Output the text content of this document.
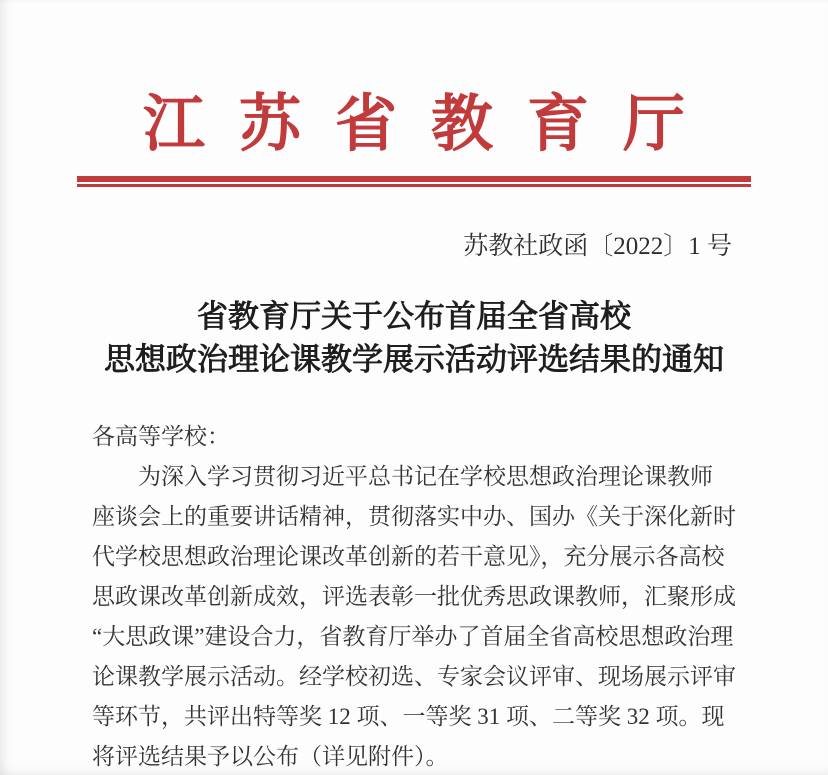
江苏省教育厅
苏教社政函〔2022〕1 号
省教育厅关于公布首届全省高校
思想政治理论课教学展示活动评选结果的通知
各高等学校：
为深入学习贯彻习近平总书记在学校思想政治理论课教师
座谈会上的重要讲话精神，贯彻落实中办、国办《关于深化新时
代学校思想政治理论课改革创新的若干意见》，充分展示各高校
思政课改革创新成效，评选表彰一批优秀思政课教师，汇聚形成
“大思政课”建设合力，省教育厅举办了首届全省高校思想政治理
论课教学展示活动。经学校初选、专家会议评审、现场展示评审
等环节，共评出特等奖 12 项、一等奖 31 项、二等奖 32 项。现
将评选结果予以公布（详见附件）。
